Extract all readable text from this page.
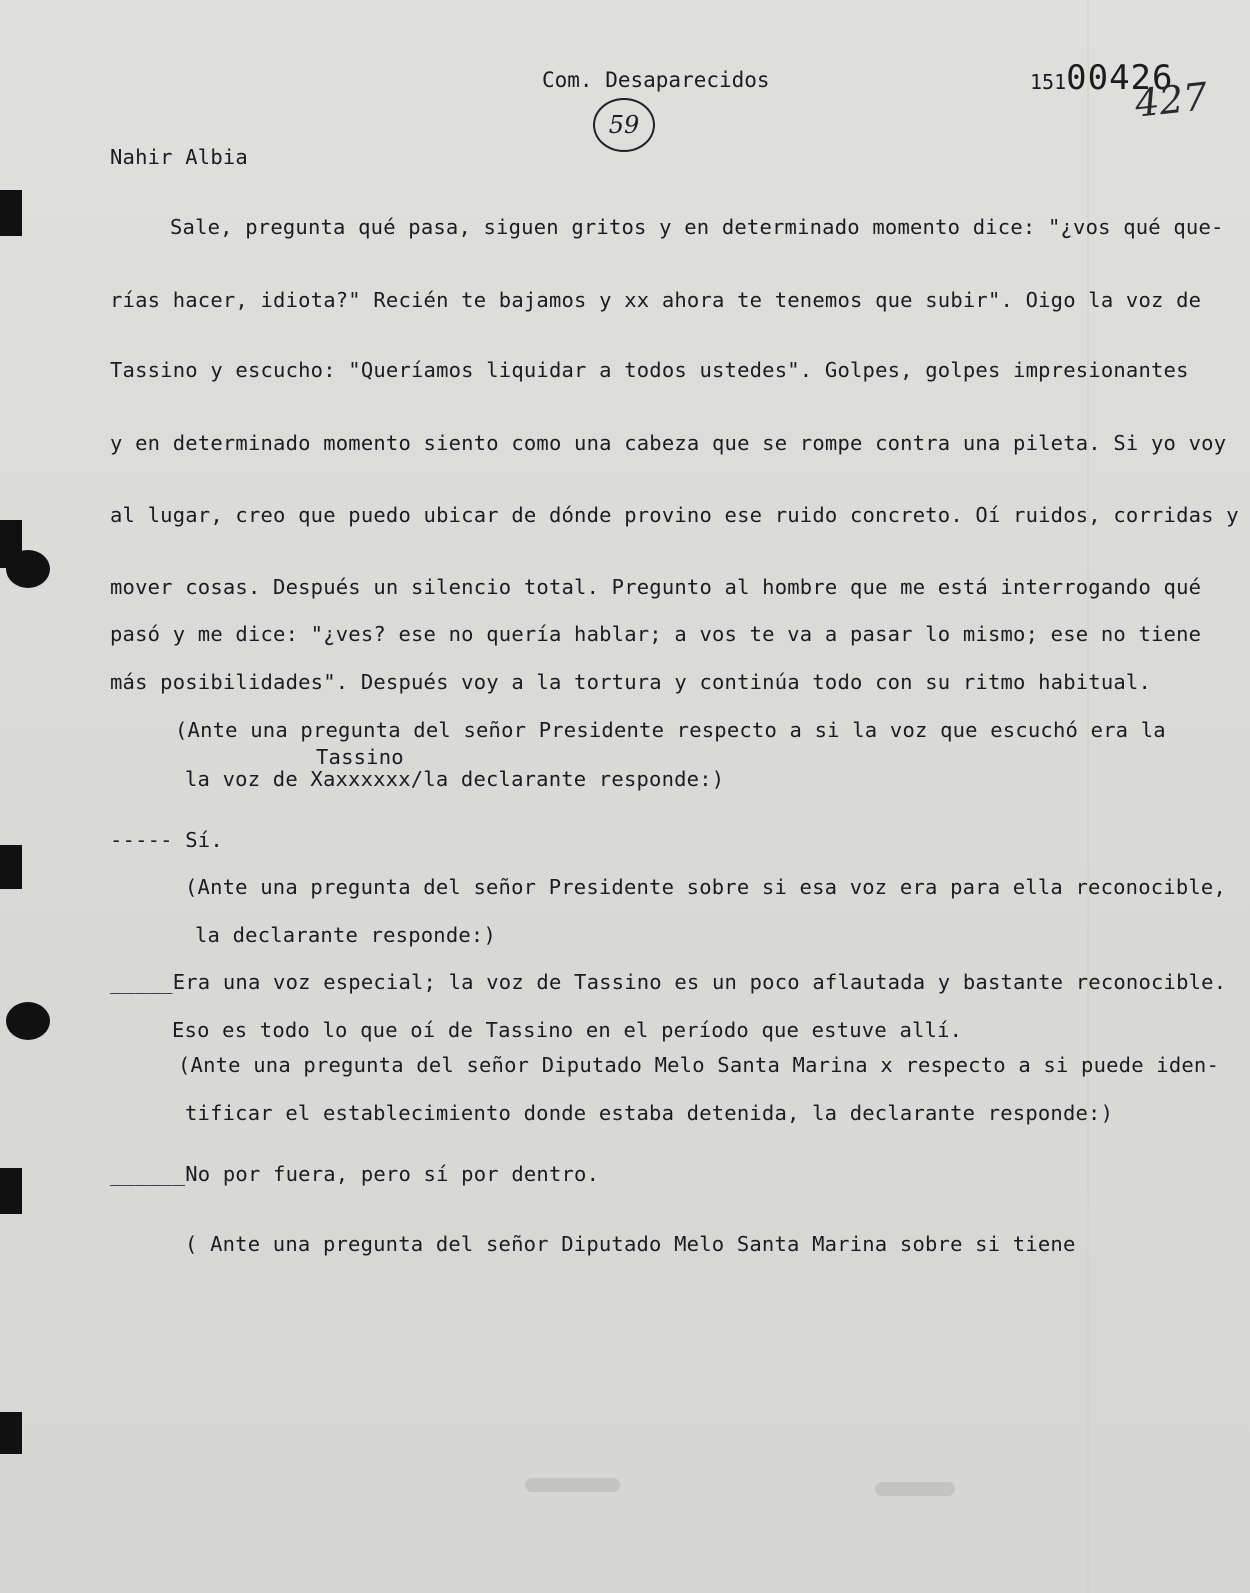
Com. Desaparecidos	15100426
427
59
Nahir Albia
Sale, pregunta qué pasa, siguen gritos y en determinado momento dice: "¿vos qué que-
rías hacer, idiota?" Recién te bajamos y xx ahora te tenemos que subir". Oigo la voz de
Tassino y escucho: "Queríamos liquidar a todos ustedes". Golpes, golpes impresionantes
y en determinado momento siento como una cabeza que se rompe contra una pileta. Si yo voy
al lugar, creo que puedo ubicar de dónde provino ese ruido concreto. Oí ruidos, corridas y
mover cosas. Después un silencio total. Pregunto al hombre que me está interrogando qué
pasó y me dice: "¿ves? ese no quería hablar; a vos te va a pasar lo mismo; ese no tiene
más posibilidades". Después voy a la tortura y continúa todo con su ritmo habitual.
(Ante una pregunta del señor Presidente respecto a si la voz que escuchó era la
Tassino
la voz de Xaxxxxxx/la declarante responde:)
----- Sí.
(Ante una pregunta del señor Presidente sobre si esa voz era para ella reconocible,
la declarante responde:)
_____Era una voz especial; la voz de Tassino es un poco aflautada y bastante reconocible.
Eso es todo lo que oí de Tassino en el período que estuve allí.
(Ante una pregunta del señor Diputado Melo Santa Marina x respecto a si puede iden-
tificar el establecimiento donde estaba detenida, la declarante responde:)
______No por fuera, pero sí por dentro.
( Ante una pregunta del señor Diputado Melo Santa Marina sobre si tiene
